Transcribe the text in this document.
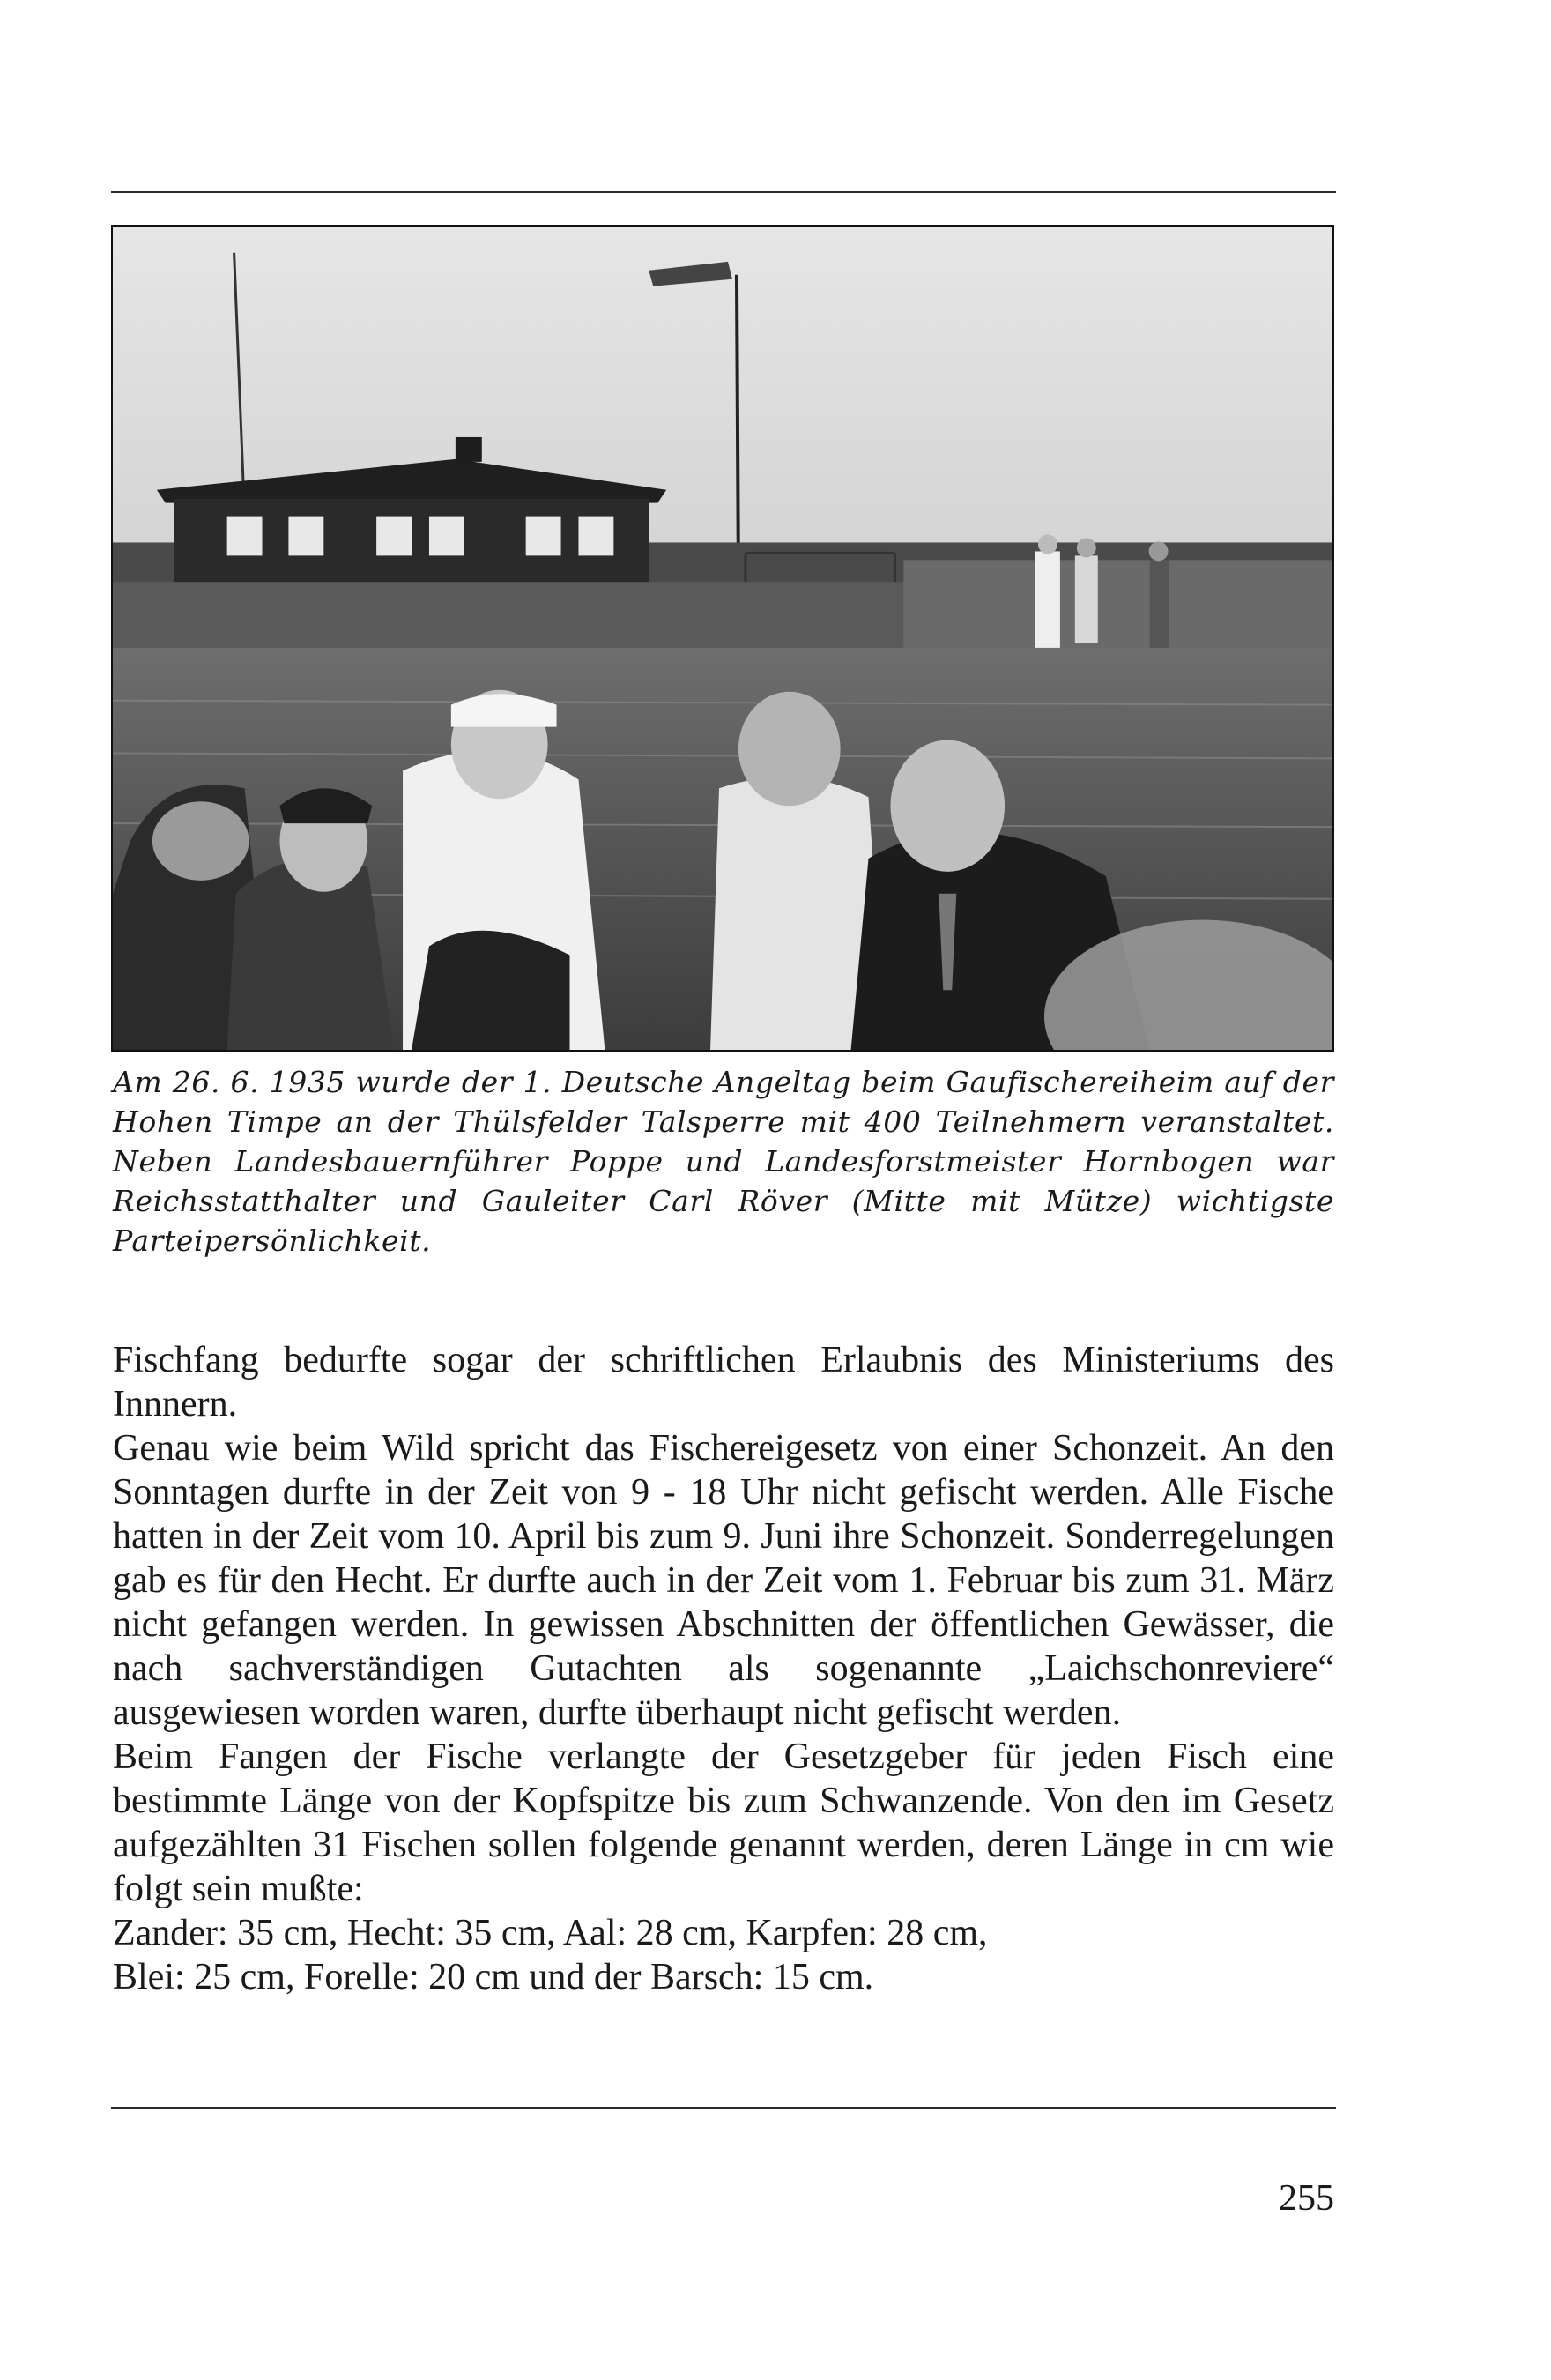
Am 26. 6. 1935 wurde der 1. Deutsche Angeltag beim Gaufischereiheim auf der Hohen Timpe an der Thülsfelder Talsperre mit 400 Teilnehmern veranstaltet. Neben Landesbauernführer Poppe und Landesforstmeister Hornbogen war Reichsstatthalter und Gauleiter Carl Röver (Mitte mit Mütze) wichtigste Parteipersönlichkeit.

Fischfang bedurfte sogar der schriftlichen Erlaubnis des Ministeriums des Innnern.

Genau wie beim Wild spricht das Fischereigesetz von einer Schonzeit. An den Sonntagen durfte in der Zeit von 9 - 18 Uhr nicht gefischt werden. Alle Fische hatten in der Zeit vom 10. April bis zum 9. Juni ihre Schonzeit. Sonderregelungen gab es für den Hecht. Er durfte auch in der Zeit vom 1. Februar bis zum 31. März nicht gefangen werden. In gewissen Abschnitten der öffentlichen Gewässer, die nach sachverständigen Gutachten als sogenannte „Laichschonreviere“ ausgewiesen worden waren, durfte überhaupt nicht gefischt werden.

Beim Fangen der Fische verlangte der Gesetzgeber für jeden Fisch eine bestimmte Länge von der Kopfspitze bis zum Schwanzende. Von den im Gesetz aufgezählten 31 Fischen sollen folgende genannt werden, deren Länge in cm wie folgt sein mußte:

Zander: 35 cm, Hecht: 35 cm, Aal: 28 cm, Karpfen: 28 cm,

Blei: 25 cm, Forelle: 20 cm und der Barsch: 15 cm.

255
